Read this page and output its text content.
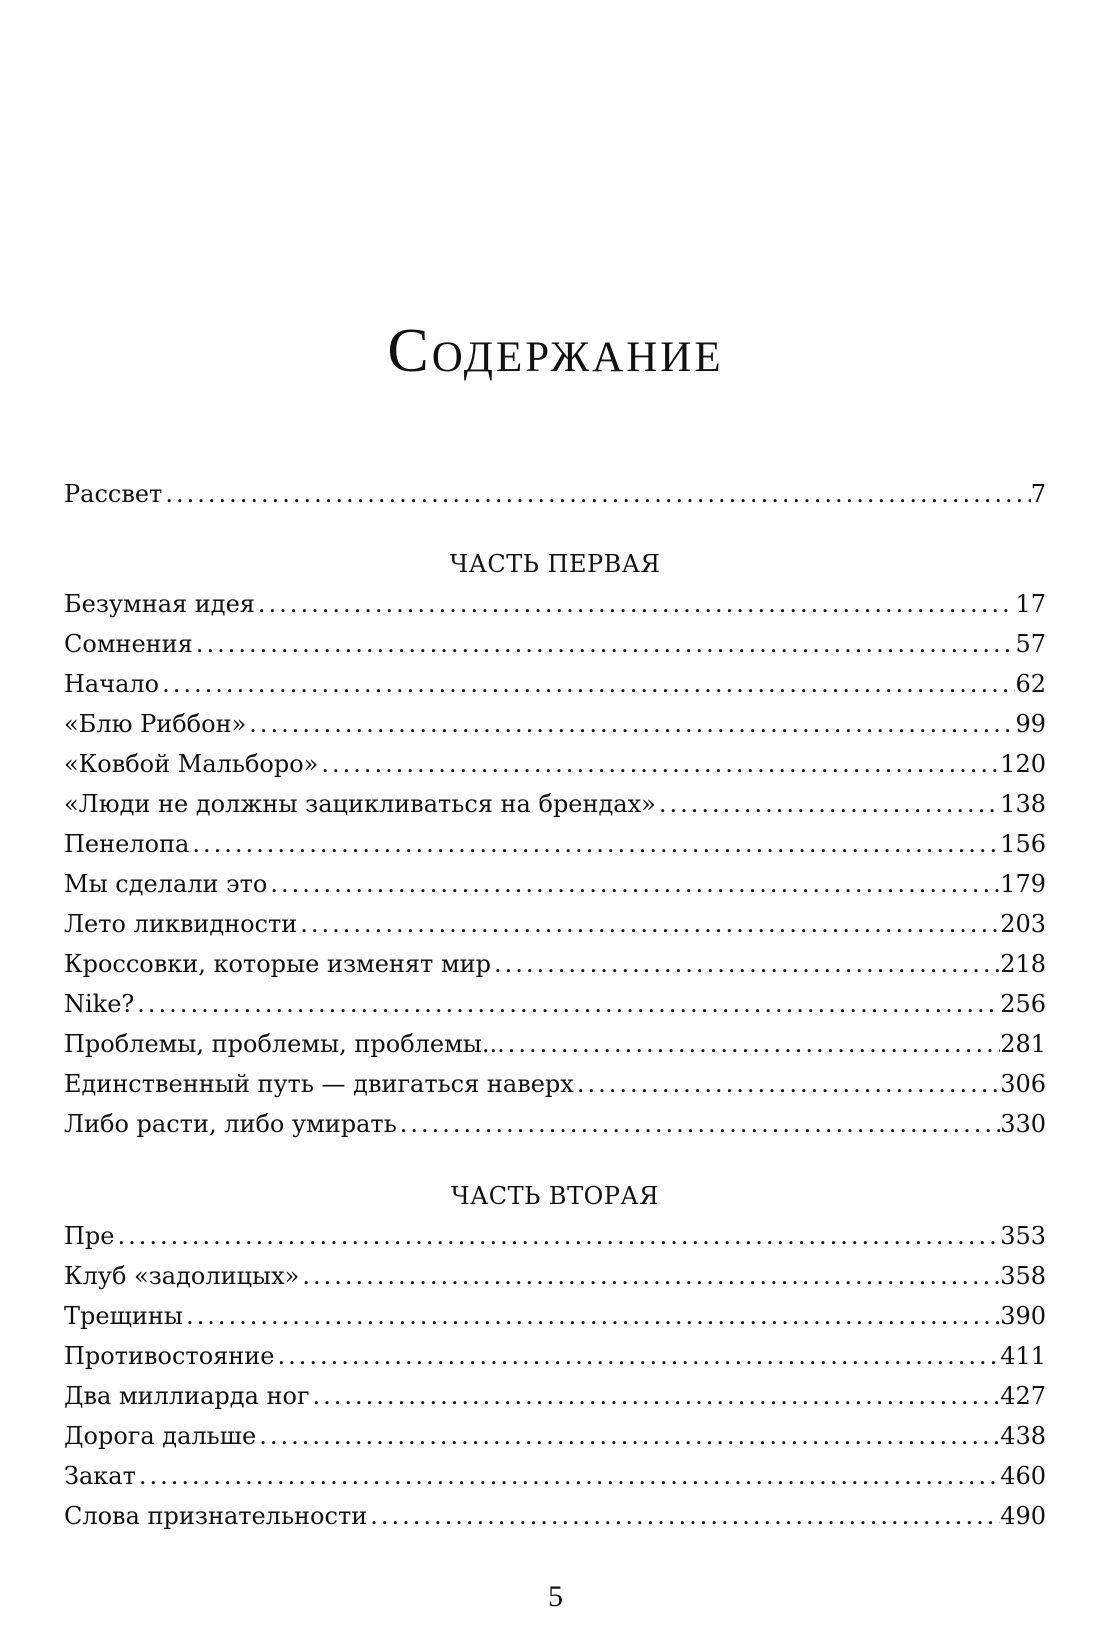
Содержание
Рассвет .....	7
ЧАСТЬ ПЕРВАЯ
Безумная идея .....	17
Сомнения .....	57
Начало .....	62
«Блю Риббон» .....	99
«Ковбой Мальборо» .....	120
«Люди не должны зацикливаться на брендах» .....	138
Пенелопа .....	156
Мы сделали это .....	179
Лето ликвидности .....	203
Кроссовки, которые изменят мир .....	218
Nike? .....	256
Проблемы, проблемы, проблемы... .....	281
Единственный путь — двигаться наверх .....	306
Либо расти, либо умирать .....	330
ЧАСТЬ ВТОРАЯ
Пре .....	353
Клуб «задолицых» .....	358
Трещины .....	390
Противостояние .....	411
Два миллиарда ног .....	427
Дорога дальше .....	438
Закат .....	460
Слова признательности .....	490
5
